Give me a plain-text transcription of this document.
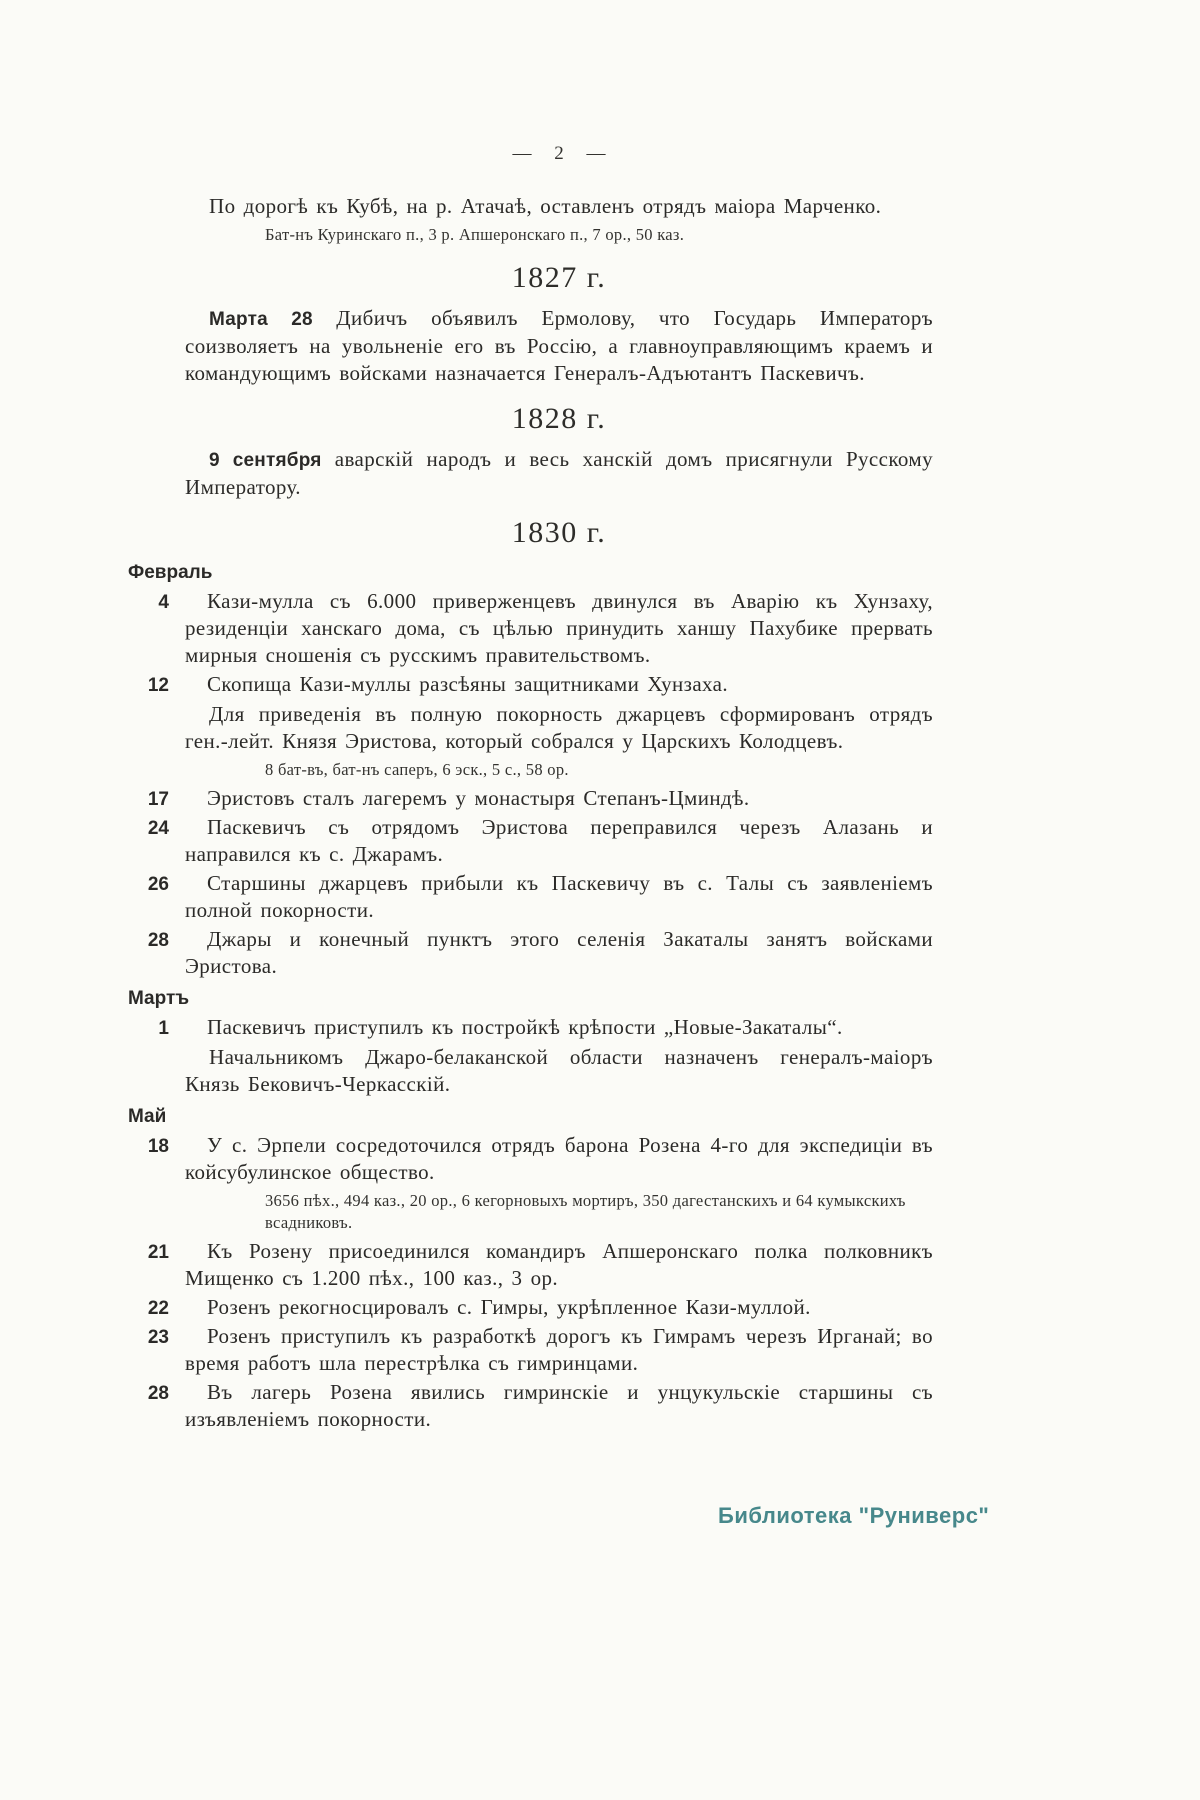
— 2 —

По дорогѣ къ Кубѣ, на р. Атачаѣ, оставленъ отрядъ маіора Марченко.

Бат-нъ Куринскаго п., 3 р. Апшеронскаго п., 7 ор., 50 каз.
1827 г.

Марта 28 Дибичъ объявилъ Ермолову, что Государь Императоръ соизволяетъ на увольненіе его въ Россію, а главноуправляющимъ краемъ и командующимъ войсками назначается Генералъ-Адъютантъ Паскевичъ.

1828 г.

9 сентября аварскій народъ и весь ханскій домъ присягнули Русскому Императору.

1830 г.
Февраль
4	Кази-мулла съ 6.000 приверженцевъ двинулся въ Аварію къ Хунзаху, резиденціи ханскаго дома, съ цѣлью принудить ханшу Пахубике прервать мирныя сношенія съ русскимъ правительствомъ.

12	Скопища Кази-муллы разсѣяны защитниками Хунзаха.

Для приведенія въ полную покорность джарцевъ сформированъ отрядъ ген.-лейт. Князя Эристова, который собрался у Царскихъ Колодцевъ.

8 бат-въ, бат-нъ саперъ, 6 эск., 5 с., 58 ор.
17	Эристовъ сталъ лагеремъ у монастыря Степанъ-Цминдѣ.

24	Паскевичъ съ отрядомъ Эристова переправился черезъ Алазань и направился къ с. Джарамъ.

26	Старшины джарцевъ прибыли къ Паскевичу въ с. Талы съ заявленіемъ полной покорности.

28	Джары и конечный пунктъ этого селенія Закаталы занятъ войсками Эристова.

Мартъ
1	Паскевичъ приступилъ къ постройкѣ крѣпости „Новые-Закаталы“.

Начальникомъ Джаро-белаканской области назначенъ генералъ-маіоръ Князь Бековичъ-Черкасскій.

Май
18	У с. Эрпели сосредоточился отрядъ барона Розена 4-го для экспедиціи въ койсубулинское общество.

3656 пѣх., 494 каз., 20 ор., 6 кегорновыхъ мортиръ, 350 дагестанскихъ и 64 кумыкскихъ всадниковъ.
21	Къ Розену присоединился командиръ Апшеронскаго полка полковникъ Мищенко съ 1.200 пѣх., 100 каз., 3 ор.

22	Розенъ рекогносцировалъ с. Гимры, укрѣпленное Кази-муллой.

23	Розенъ приступилъ къ разработкѣ дорогъ къ Гимрамъ черезъ Ирганай; во время работъ шла перестрѣлка съ гимринцами.

28	Въ лагерь Розена явились гимринскіе и унцукульскіе старшины съ изъявленіемъ покорности.

Библиотека "Руниверс"
